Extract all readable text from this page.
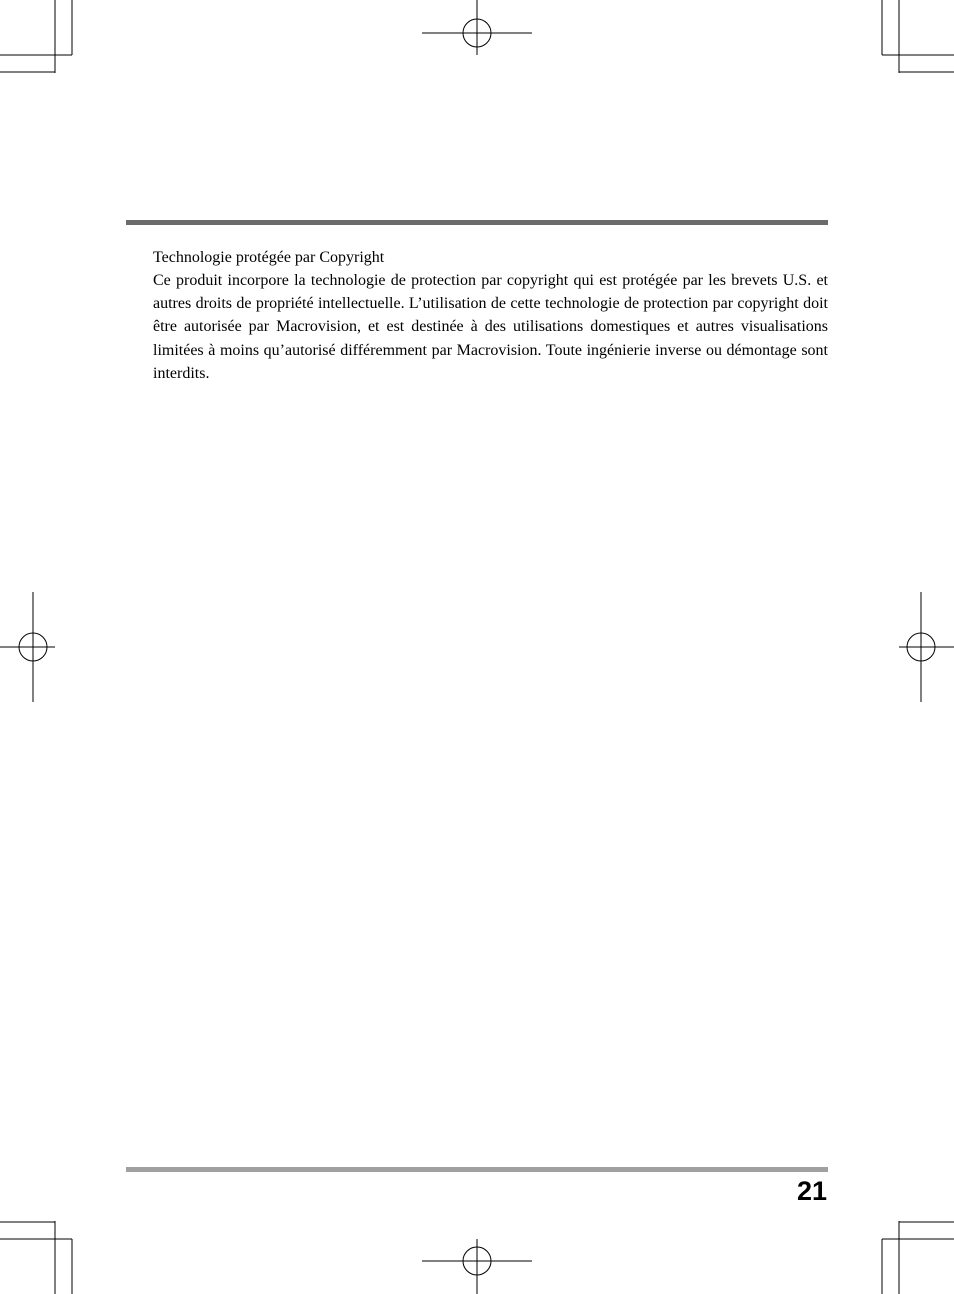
Technologie protégée par Copyright

Ce produit incorpore la technologie de protection par copyright qui est protégée par les brevets U.S. et autres droits de propriété intellectuelle. L’utilisation de cette technologie de protection par copyright doit être autorisée par Macrovision, et est destinée à des utilisations domestiques et autres visualisations limitées à moins qu’autorisé différemment par Macrovision. Toute ingénierie inverse ou démontage sont interdits.

21
